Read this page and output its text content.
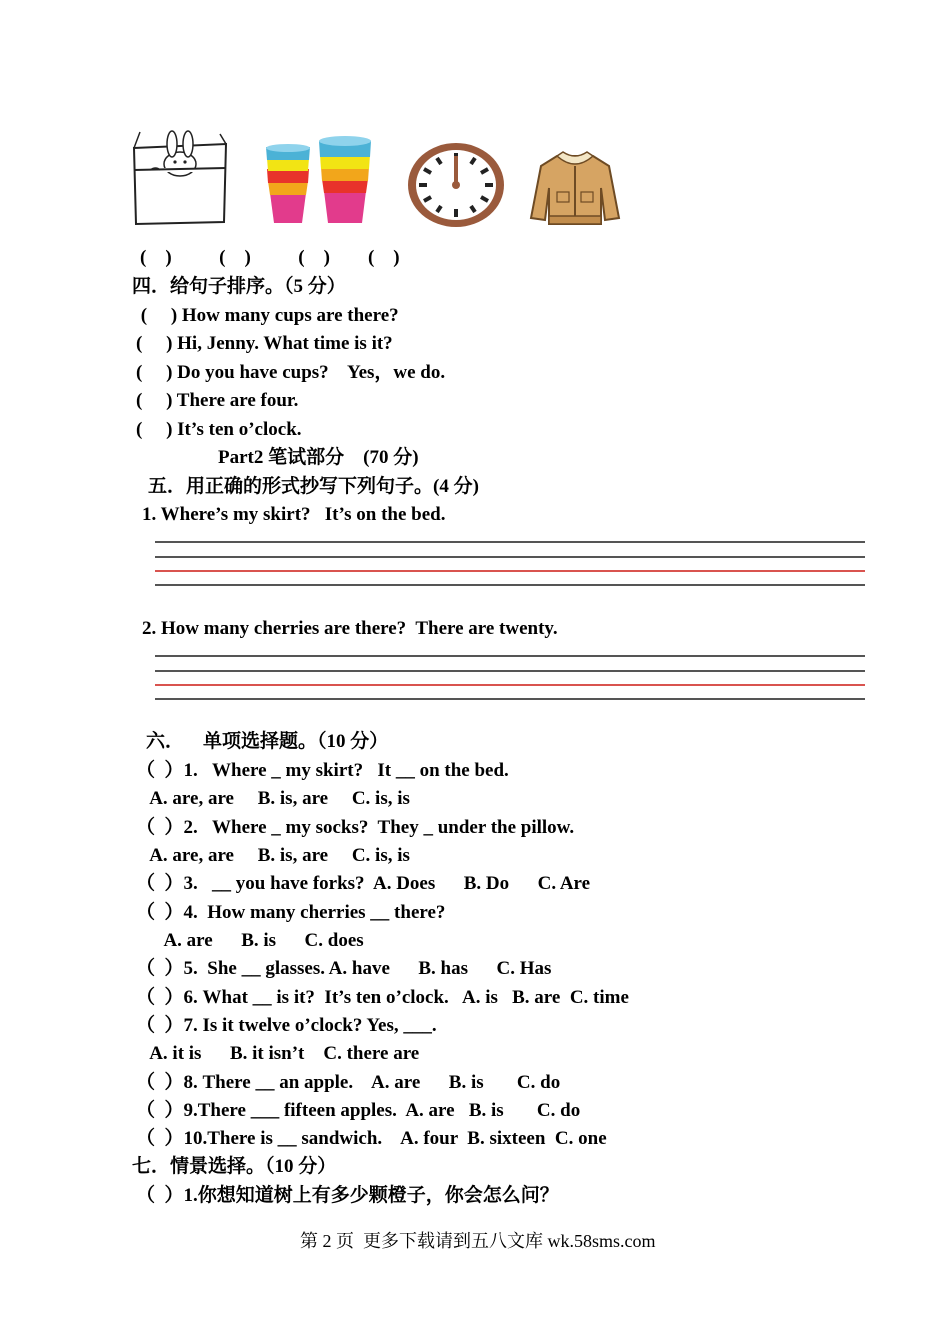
(    )          (    )          (    )        (    )
四．给句子排序。（5 分）
(     ) How many cups are there?
(     ) Hi, Jenny. What time is it?
(     ) Do you have cups?    Yes，we do.
(     ) There are four.
(     ) It’s ten o’clock.
Part2 笔试部分    (70 分)
五．用正确的形式抄写下列句子。(4 分)
1. Where’s my skirt?   It’s on the bed.
2. How many cherries are there?  There are twenty.
六．    单项选择题。（10 分）
（  ）1.   Where _ my skirt?   It __ on the bed.
A. are, are     B. is, are     C. is, is
（  ）2.   Where _ my socks?  They _ under the pillow.
A. are, are     B. is, are     C. is, is
（  ）3.   __ you have forks?  A. Does      B. Do      C. Are
（  ）4.  How many cherries __ there?
A. are      B. is      C. does
（  ）5.  She __ glasses. A. have      B. has      C. Has
（  ）6. What __ is it?  It’s ten o’clock.   A. is   B. are  C. time
（  ）7. Is it twelve o’clock? Yes, ___.
A. it is      B. it isn’t    C. there are
（  ）8. There __ an apple.    A. are      B. is       C. do
（  ）9.There ___ fifteen apples.  A. are   B. is       C. do
（  ）10.There is __ sandwich.    A. four  B. sixteen  C. one
七．情景选择。（10 分）
（  ）1.你想知道树上有多少颗橙子，你会怎么问？
第 2 页  更多下载请到五八文库 wk.58sms.com
